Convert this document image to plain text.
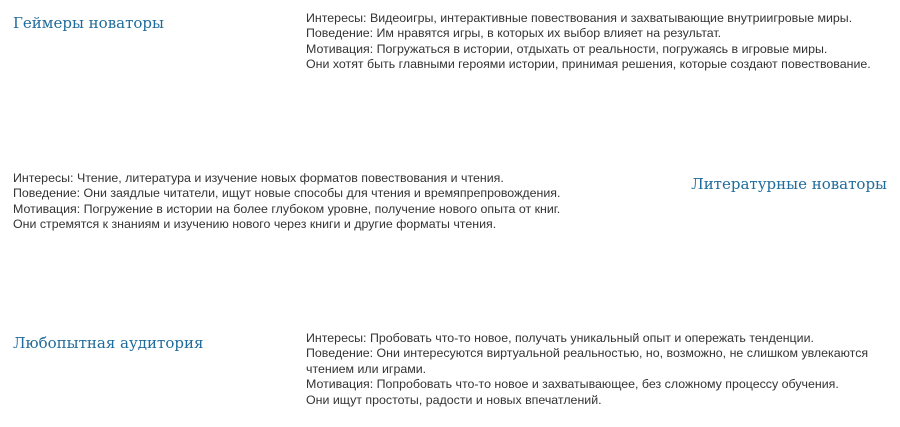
Геймеры новаторы	Интересы: Видеоигры, интерактивные повествования и захватывающие внутриигровые миры.
Поведение: Им нравятся игры, в которых их выбор влияет на результат.
Мотивация: Погружаться в истории, отдыхать от реальности, погружаясь в игровые миры.
Они хотят быть главными героями истории, принимая решения, которые создают повествование.
Интересы: Чтение, литература и изучение новых форматов повествования и чтения.
Поведение: Они заядлые читатели, ищут новые способы для чтения и времяпрепровождения.
Мотивация: Погружение в истории на более глубоком уровне, получение нового опыта от книг.
Они стремятся к знаниям и изучению нового через книги и другие форматы чтения.
Литературные новаторы
Любопытная аудитория	Интересы: Пробовать что-то новое, получать уникальный опыт и опережать тенденции.
Поведение: Они интересуются виртуальной реальностью, но, возможно, не слишком увлекаются чтением или играми.
Мотивация: Попробовать что-то новое и захватывающее, без сложному процессу обучения.
Они ищут простоты, радости и новых впечатлений.
